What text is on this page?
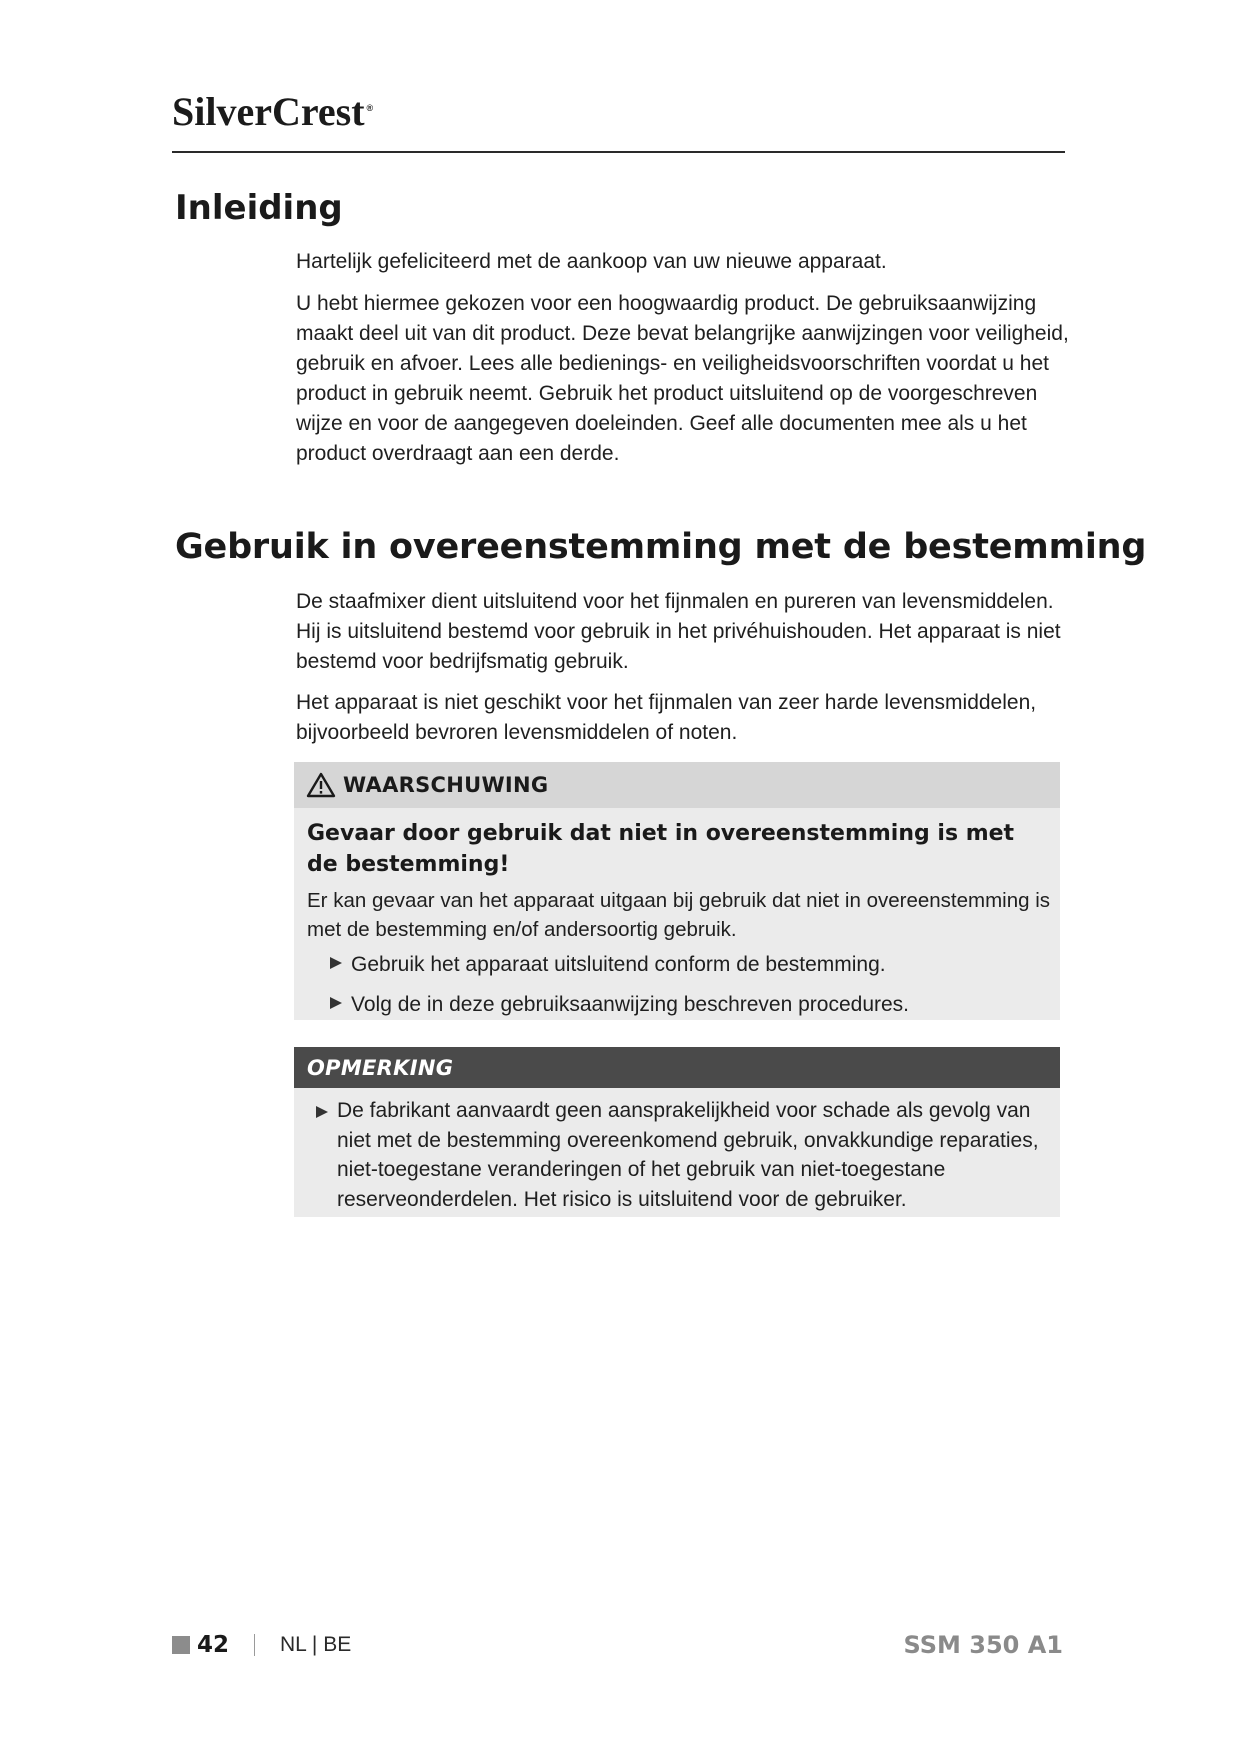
SilverCrest ®
Inleiding

Hartelijk gefeliciteerd met de aankoop van uw nieuwe apparaat.

U hebt hiermee gekozen voor een hoogwaardig product. De gebruiksaanwijzing maakt deel uit van dit product. Deze bevat belangrijke aanwijzingen voor veiligheid, gebruik en afvoer. Lees alle bedienings- en veiligheidsvoorschriften voordat u het product in gebruik neemt. Gebruik het product uitsluitend op de voorgeschreven wijze en voor de aangegeven doeleinden. Geef alle documenten mee als u het product overdraagt aan een derde.

Gebruik in overeenstemming met de bestemming

De staafmixer dient uitsluitend voor het fijnmalen en pureren van levensmiddelen. Hij is uitsluitend bestemd voor gebruik in het privéhuishouden. Het apparaat is niet bestemd voor bedrijfsmatig gebruik.

Het apparaat is niet geschikt voor het fijnmalen van zeer harde levensmiddelen, bijvoorbeeld bevroren levensmiddelen of noten.

WAARSCHUWING

Gevaar door gebruik dat niet in overeenstemming is met de bestemming!

Er kan gevaar van het apparaat uitgaan bij gebruik dat niet in overeenstemming is met de bestemming en/of andersoortig gebruik.

Gebruik het apparaat uitsluitend conform de bestemming.
Volg de in deze gebruiksaanwijzing beschreven procedures.
OPMERKING
De fabrikant aanvaardt geen aansprakelijkheid voor schade als gevolg van niet met de bestemming overeenkomend gebruik, onvakkundige reparaties, niet-toegestane veranderingen of het gebruik van niet-toegestane reserveonderdelen. Het risico is uitsluitend voor de gebruiker.
42 NL | BE	SSM 350 A1
